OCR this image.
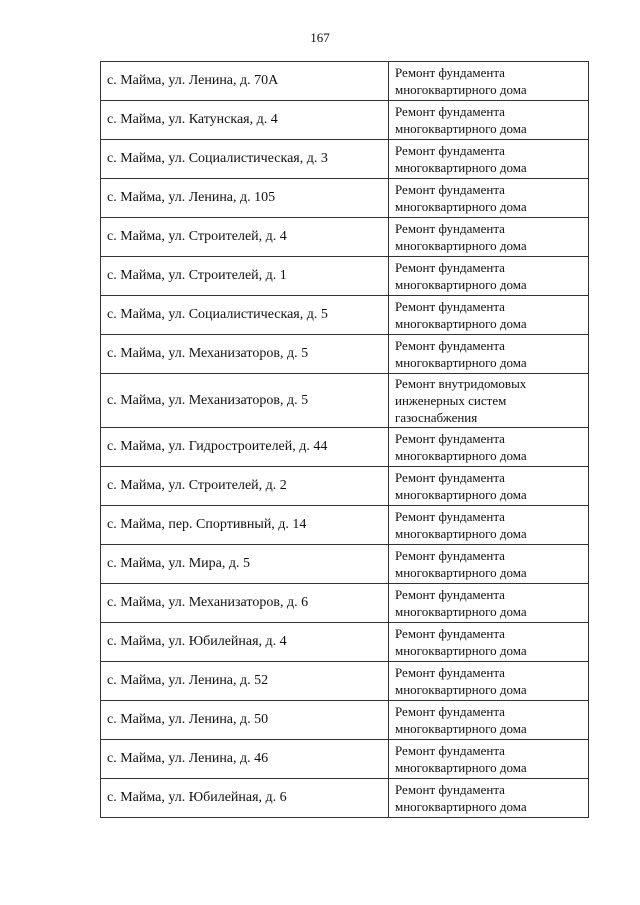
167
с. Майма, ул. Ленина, д. 70А	Ремонт фундамента многоквартирного дома
с. Майма, ул. Катунская, д. 4	Ремонт фундамента многоквартирного дома
с. Майма, ул. Социалистическая, д. 3	Ремонт фундамента многоквартирного дома
с. Майма, ул. Ленина, д. 105	Ремонт фундамента многоквартирного дома
с. Майма, ул. Строителей, д. 4	Ремонт фундамента многоквартирного дома
с. Майма, ул. Строителей, д. 1	Ремонт фундамента многоквартирного дома
с. Майма, ул. Социалистическая, д. 5	Ремонт фундамента многоквартирного дома
с. Майма, ул. Механизаторов, д. 5	Ремонт фундамента многоквартирного дома
с. Майма, ул. Механизаторов, д. 5	Ремонт внутридомовых инженерных систем газоснабжения
с. Майма, ул. Гидростроителей, д. 44	Ремонт фундамента многоквартирного дома
с. Майма, ул. Строителей, д. 2	Ремонт фундамента многоквартирного дома
с. Майма, пер. Спортивный, д. 14	Ремонт фундамента многоквартирного дома
с. Майма, ул. Мира, д. 5	Ремонт фундамента многоквартирного дома
с. Майма, ул. Механизаторов, д. 6	Ремонт фундамента многоквартирного дома
с. Майма, ул. Юбилейная, д. 4	Ремонт фундамента многоквартирного дома
с. Майма, ул. Ленина, д. 52	Ремонт фундамента многоквартирного дома
с. Майма, ул. Ленина, д. 50	Ремонт фундамента многоквартирного дома
с. Майма, ул. Ленина, д. 46	Ремонт фундамента многоквартирного дома
с. Майма, ул. Юбилейная, д. 6	Ремонт фундамента многоквартирного дома
